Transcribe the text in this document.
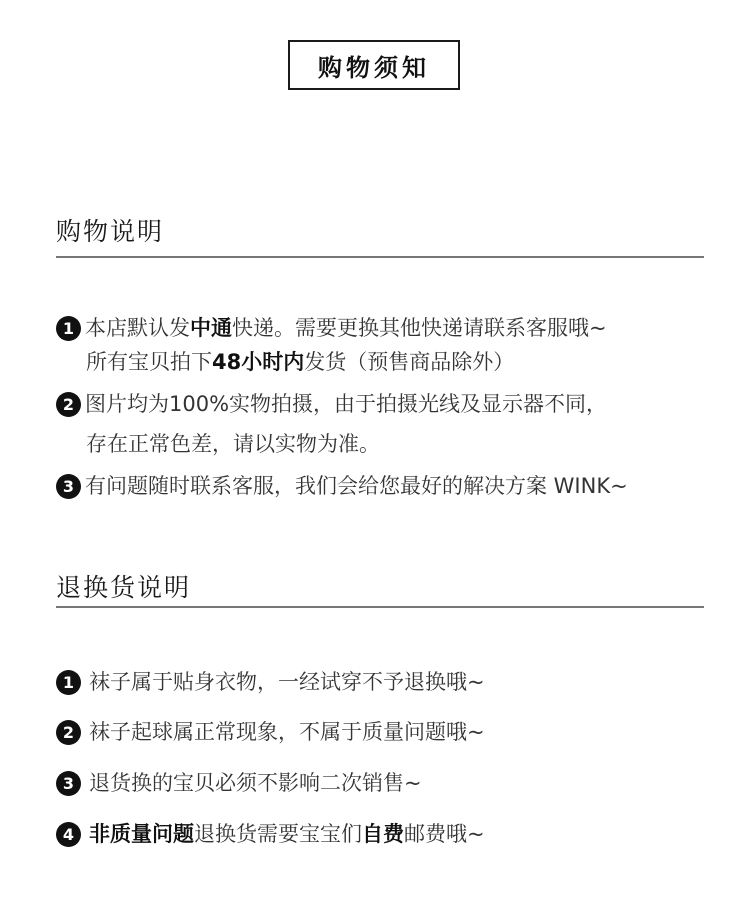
购物须知
购物说明
1 本店默认发 中通 快递。需要更换其他快递请联系客服哦~
所有宝贝拍下 48小时内 发货（预售商品除外）
2 图片均为100%实物拍摄，由于拍摄光线及显示器不同，
存在正常色差，请以实物为准。
3 有问题随时联系客服，我们会给您最好的解决方案 WINK~
退换货说明
1 袜子属于贴身衣物，一经试穿不予退换哦~
2 袜子起球属正常现象，不属于质量问题哦~
3 退货换的宝贝必须不影响二次销售~
4 非质量问题 退换货需要宝宝们 自费 邮费哦~
